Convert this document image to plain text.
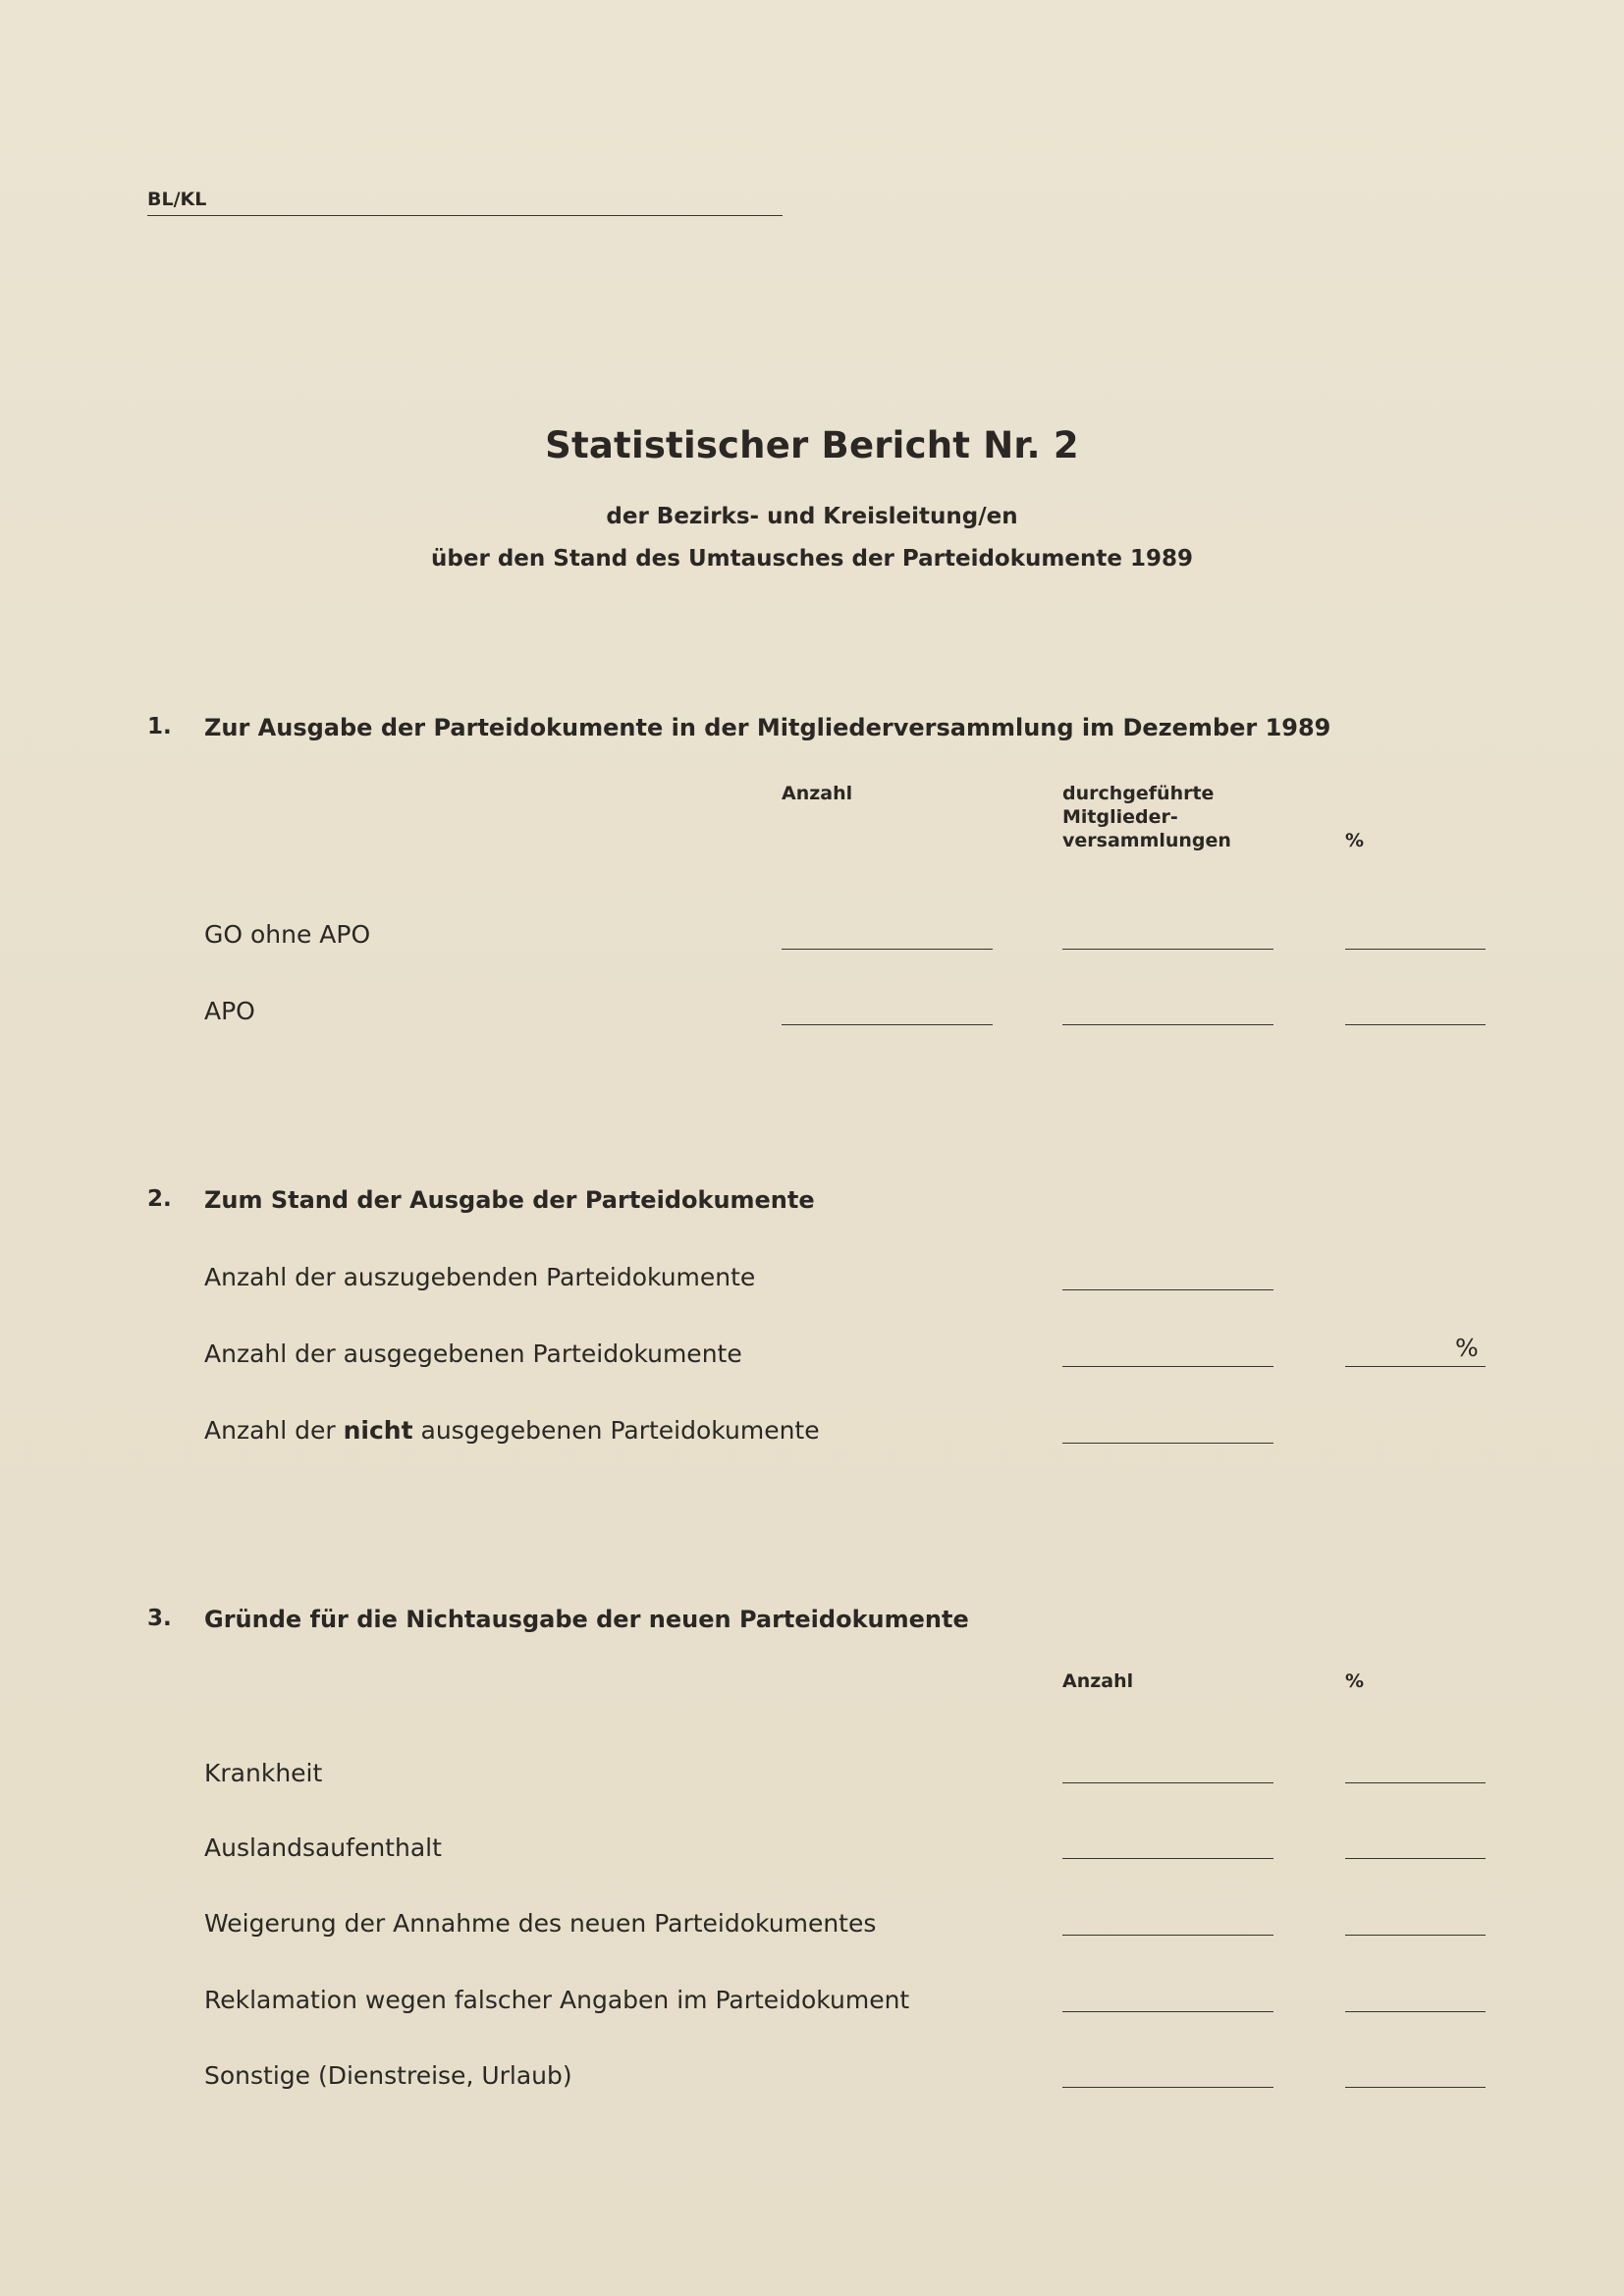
BL/KL
Statistischer Bericht Nr. 2
der Bezirks- und Kreisleitung/en
über den Stand des Umtausches der Parteidokumente 1989
1. Zur Ausgabe der Parteidokumente in der Mitgliederversammlung im Dezember 1989
Anzahl	durchgeführte
Mitglieder-
versammlungen	%
GO ohne APO
APO
2. Zum Stand der Ausgabe der Parteidokumente
Anzahl der auszugebenden Parteidokumente
Anzahl der ausgegebenen Parteidokumente	%
Anzahl der nicht ausgegebenen Parteidokumente
3. Gründe für die Nichtausgabe der neuen Parteidokumente
Anzahl	%
Krankheit
Auslandsaufenthalt
Weigerung der Annahme des neuen Parteidokumentes
Reklamation wegen falscher Angaben im Parteidokument
Sonstige (Dienstreise, Urlaub)
